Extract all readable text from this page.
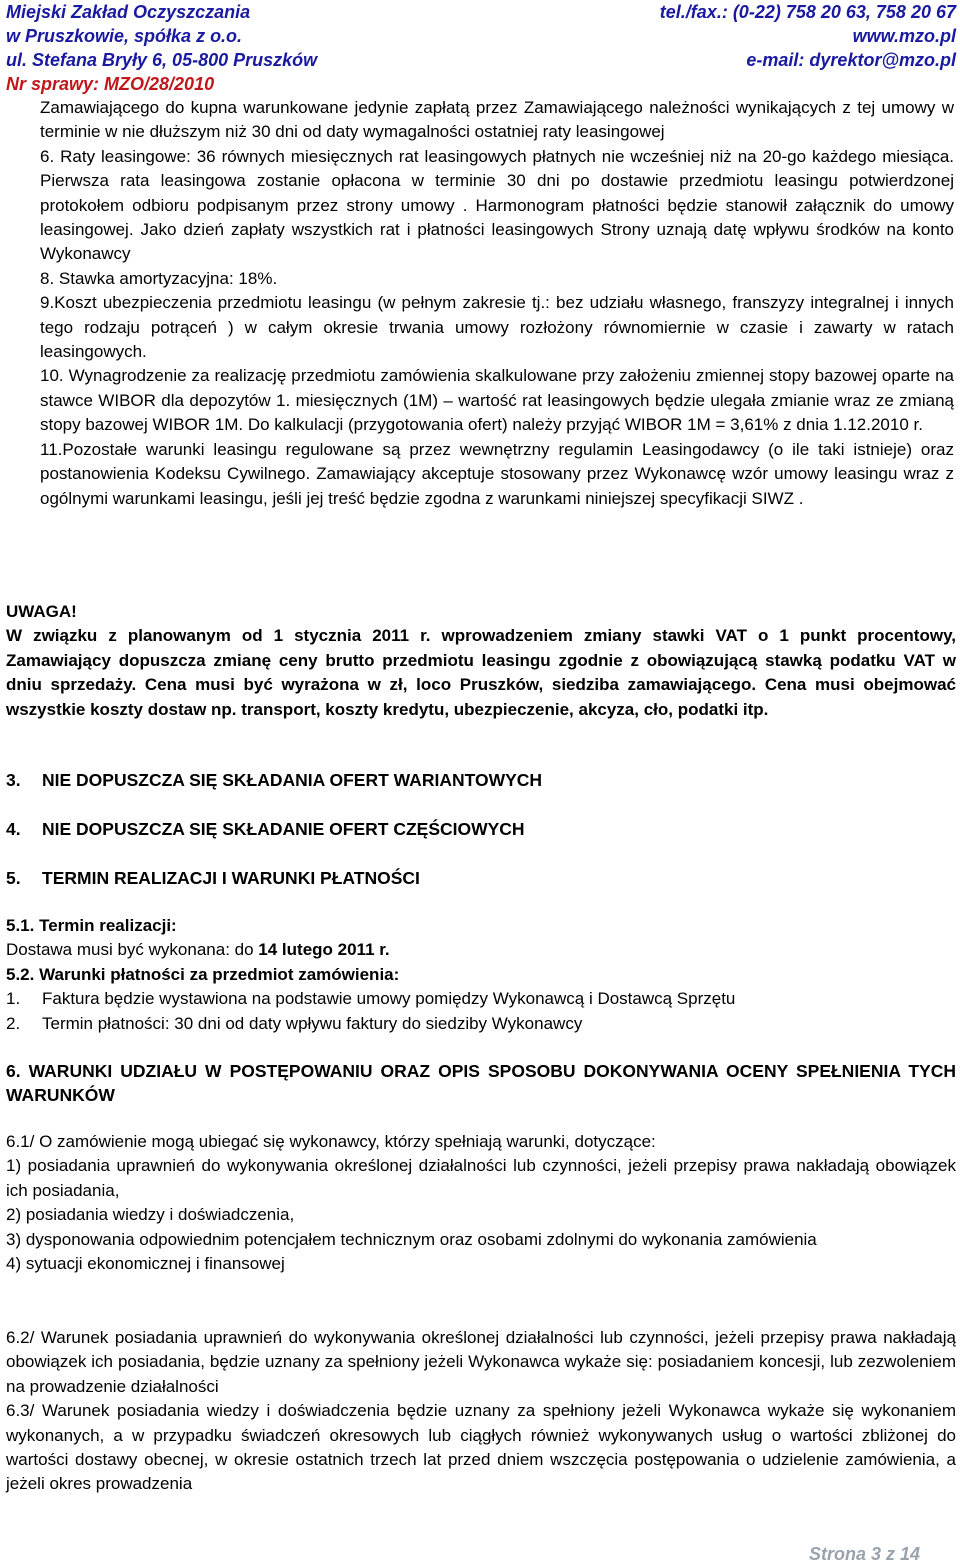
Miejski Zakład Oczyszczania	tel./fax.: (0-22) 758 20 63, 758 20 67
w Pruszkowie, spółka z o.o.	www.mzo.pl
ul. Stefana Bryły 6, 05-800 Pruszków	e-mail: dyrektor@mzo.pl
Nr sprawy: MZO/28/2010

Zamawiającego do kupna warunkowane jedynie zapłatą przez Zamawiającego należności wynikających z tej umowy w terminie w nie dłuższym niż 30 dni od daty wymagalności ostatniej raty leasingowej

6. Raty leasingowe: 36 równych miesięcznych rat leasingowych płatnych nie wcześniej niż na 20-go każdego miesiąca. Pierwsza rata leasingowa zostanie opłacona w terminie 30 dni po dostawie przedmiotu leasingu potwierdzonej protokołem odbioru podpisanym przez strony umowy . Harmonogram płatności będzie stanowił załącznik do umowy leasingowej. Jako dzień zapłaty wszystkich rat i płatności leasingowych Strony uznają datę wpływu środków na konto Wykonawcy

8. Stawka amortyzacyjna: 18%.

9.Koszt ubezpieczenia przedmiotu leasingu (w pełnym zakresie tj.: bez udziału własnego, franszyzy integralnej i innych tego rodzaju potrąceń ) w całym okresie trwania umowy rozłożony równomiernie w czasie i zawarty w ratach leasingowych.

10. Wynagrodzenie za realizację przedmiotu zamówienia skalkulowane przy założeniu zmiennej stopy bazowej oparte na stawce WIBOR dla depozytów 1. miesięcznych (1M) – wartość rat leasingowych będzie ulegała zmianie wraz ze zmianą stopy bazowej WIBOR 1M. Do kalkulacji (przygotowania ofert) należy przyjąć WIBOR 1M = 3,61% z dnia 1.12.2010 r.

11.Pozostałe warunki leasingu regulowane są przez wewnętrzny regulamin Leasingodawcy (o ile taki istnieje) oraz postanowienia Kodeksu Cywilnego. Zamawiający akceptuje stosowany przez Wykonawcę wzór umowy leasingu wraz z ogólnymi warunkami leasingu, jeśli jej treść będzie zgodna z warunkami niniejszej specyfikacji SIWZ .

UWAGA!

W związku z planowanym od 1 stycznia 2011 r. wprowadzeniem zmiany stawki VAT o 1 punkt procentowy, Zamawiający dopuszcza zmianę ceny brutto przedmiotu leasingu zgodnie z obowiązującą stawką podatku VAT w dniu sprzedaży. Cena musi być wyrażona w zł, loco Pruszków, siedziba zamawiającego. Cena musi obejmować wszystkie koszty dostaw np. transport, koszty kredytu, ubezpieczenie, akcyza, cło, podatki itp.

3. NIE DOPUSZCZA SIĘ SKŁADANIA OFERT WARIANTOWYCH
4. NIE DOPUSZCZA SIĘ SKŁADANIE OFERT CZĘŚCIOWYCH
5. TERMIN REALIZACJI I WARUNKI PŁATNOŚCI

5.1. Termin realizacji:

Dostawa musi być wykonana: do 14 lutego 2011 r.

5.2. Warunki płatności za przedmiot zamówienia:

1.	Faktura będzie wystawiona na podstawie umowy pomiędzy Wykonawcą i Dostawcą Sprzętu
2.	Termin płatności: 30 dni od daty wpływu faktury do siedziby Wykonawcy
6. WARUNKI UDZIAŁU W POSTĘPOWANIU ORAZ OPIS SPOSOBU DOKONYWANIA OCENY SPEŁNIENIA TYCH WARUNKÓW

6.1/ O zamówienie mogą ubiegać się wykonawcy, którzy spełniają warunki, dotyczące:

1) posiadania uprawnień do wykonywania określonej działalności lub czynności, jeżeli przepisy prawa nakładają obowiązek ich posiadania,

2) posiadania wiedzy i doświadczenia,

3) dysponowania odpowiednim potencjałem technicznym oraz osobami zdolnymi do wykonania zamówienia

4) sytuacji ekonomicznej i finansowej

6.2/ Warunek posiadania uprawnień do wykonywania określonej działalności lub czynności, jeżeli przepisy prawa nakładają obowiązek ich posiadania, będzie uznany za spełniony jeżeli Wykonawca wykaże się: posiadaniem koncesji, lub zezwoleniem na prowadzenie działalności

6.3/ Warunek posiadania wiedzy i doświadczenia będzie uznany za spełniony jeżeli Wykonawca wykaże się wykonaniem wykonanych, a w przypadku świadczeń okresowych lub ciągłych również wykonywanych usług o wartości zbliżonej do wartości dostawy obecnej, w okresie ostatnich trzech lat przed dniem wszczęcia postępowania o udzielenie zamówienia, a jeżeli okres prowadzenia

Strona 3 z 14
